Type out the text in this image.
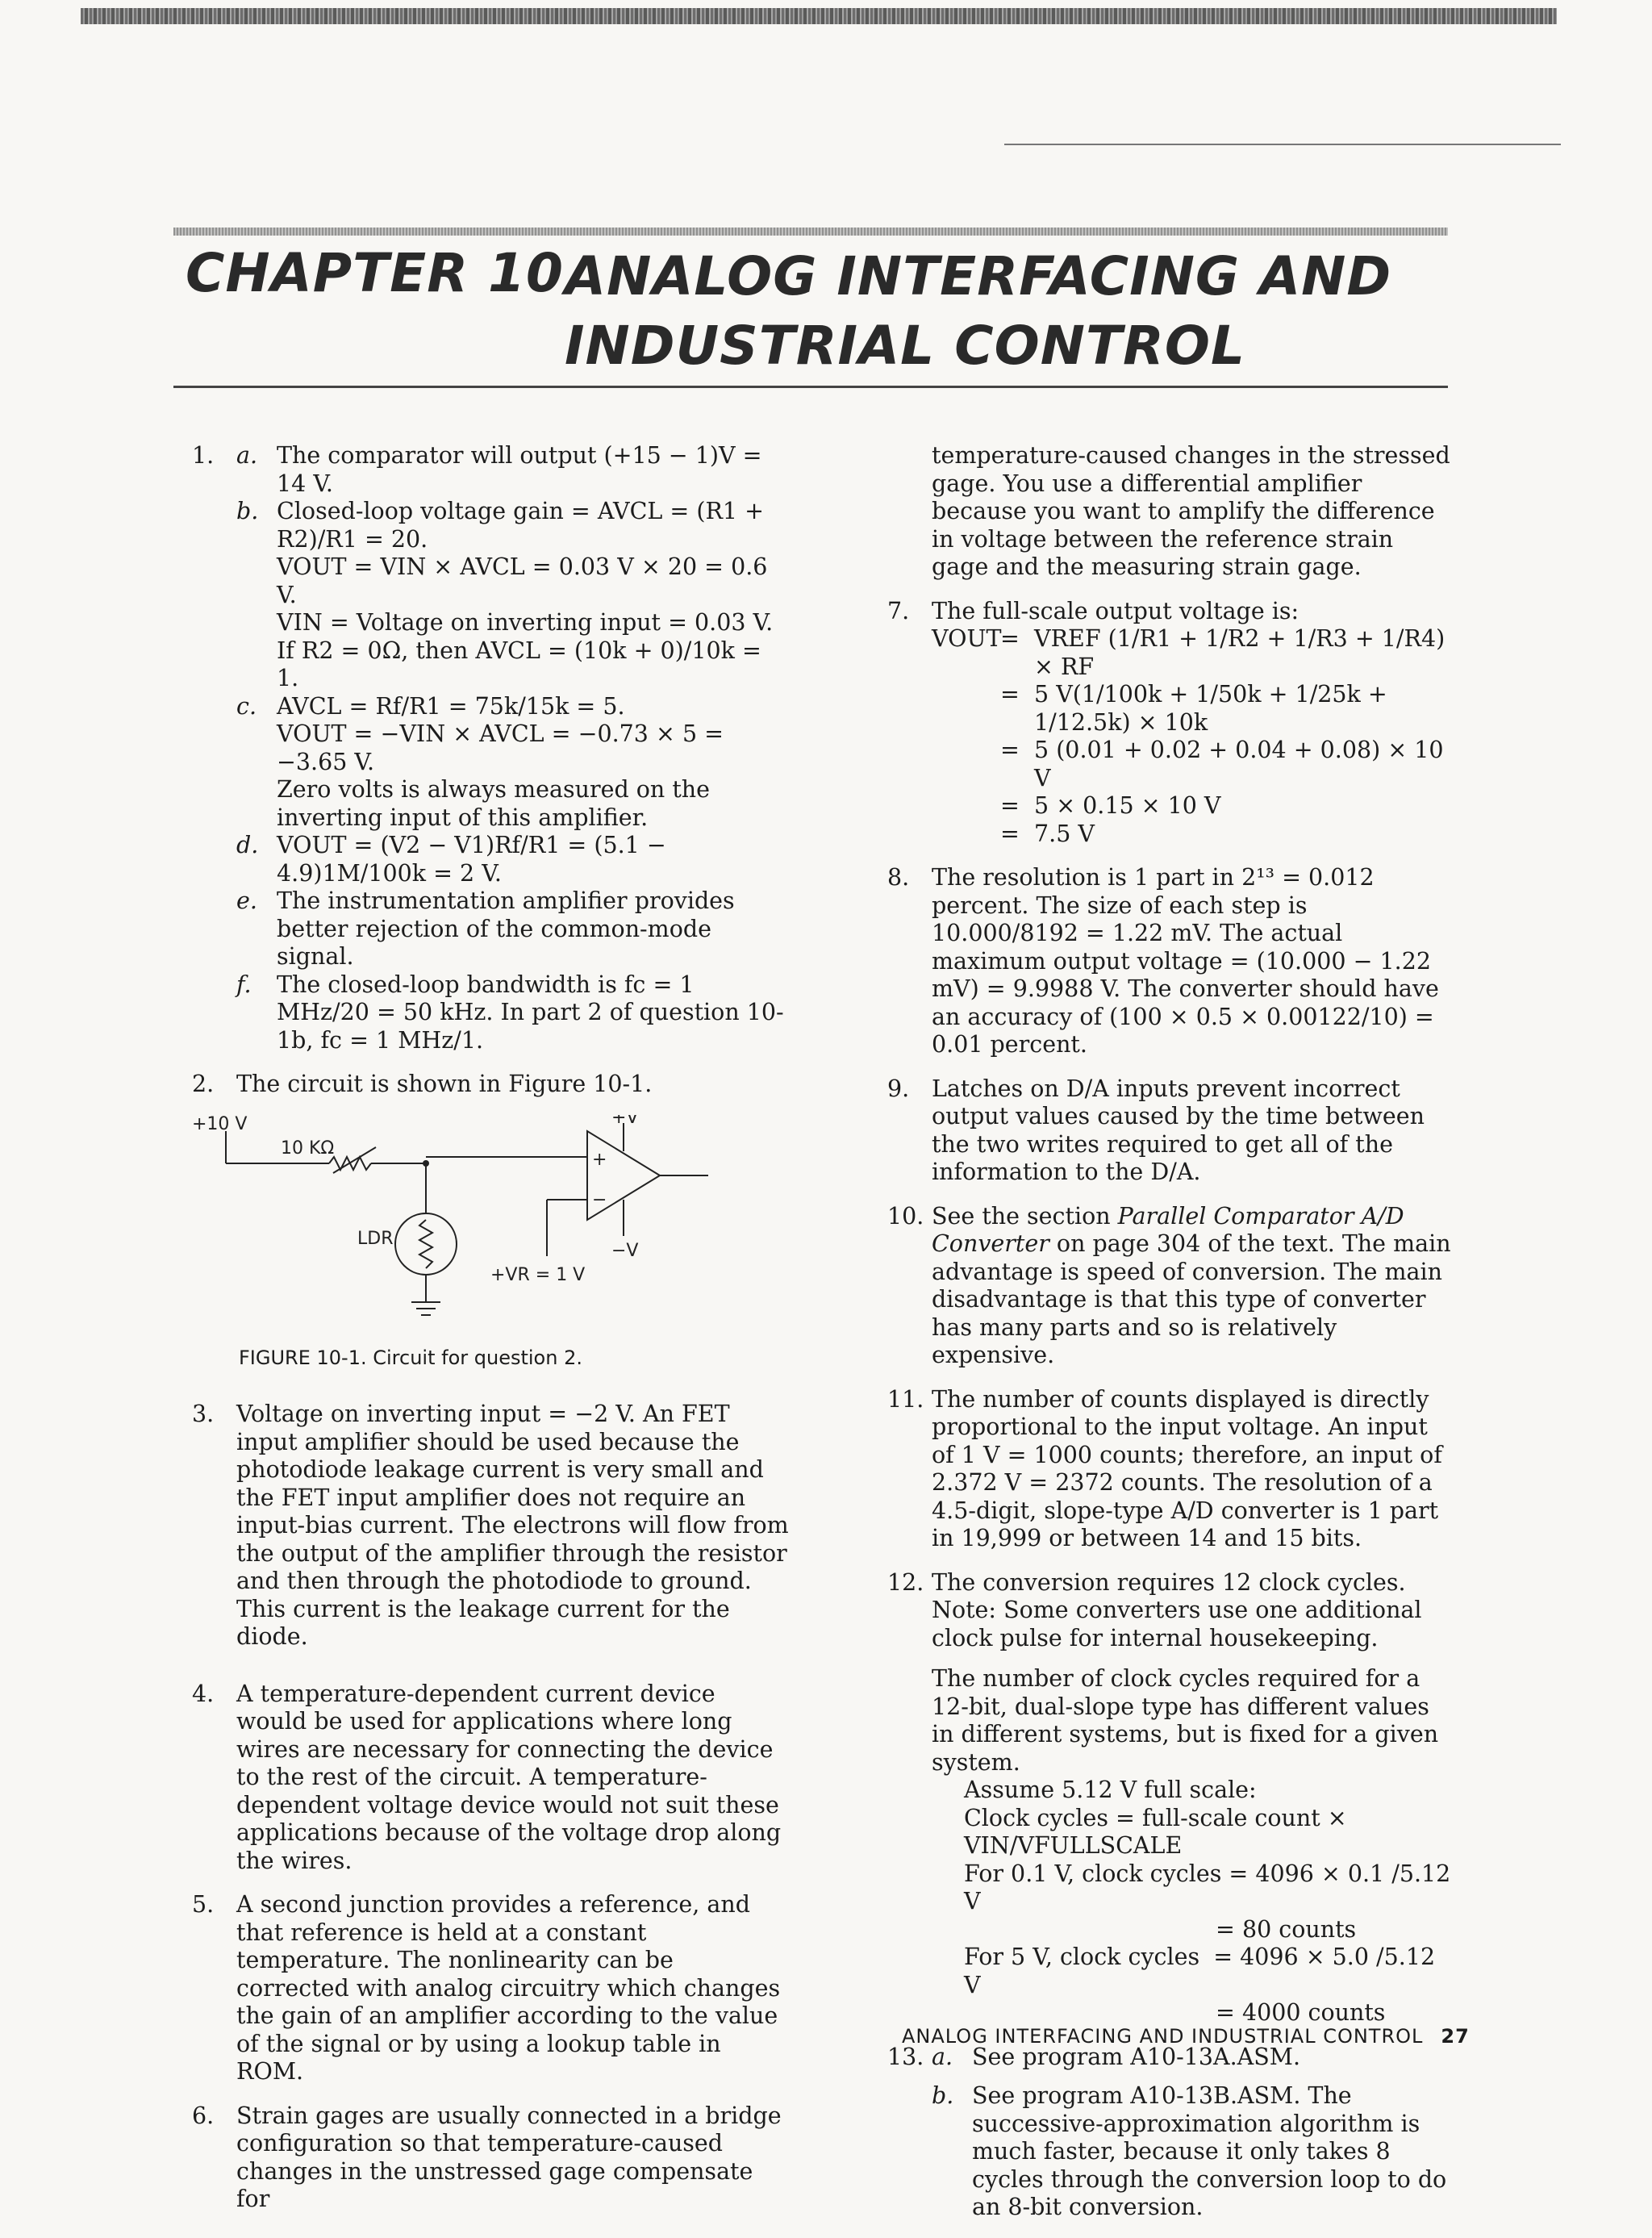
CHAPTER 10 ANALOG INTERFACING AND
INDUSTRIAL CONTROL
1. a. The comparator will output (+15 − 1)V = 14 V.

b. Closed-loop voltage gain = AVCL = (R1 + R2)/R1 = 20.

VOUT = VIN × AVCL = 0.03 V × 20 = 0.6 V.

VIN = Voltage on inverting input = 0.03 V.

If R2 = 0Ω, then AVCL = (10k + 0)/10k = 1.

c. AVCL = Rf/R1 = 75k/15k = 5.

VOUT = −VIN × AVCL = −0.73 × 5 = −3.65 V.

Zero volts is always measured on the inverting input of this amplifier.

d. VOUT = (V2 − V1)Rf/R1 = (5.1 − 4.9)1M/100k = 2 V.

e. The instrumentation amplifier provides better rejection of the common-mode signal.

f. The closed-loop bandwidth is fc = 1 MHz/20 = 50 kHz. In part 2 of question 10-1b, fc = 1 MHz/1.

2. The circuit is shown in Figure 10-1.

+10 V
10 KΩ
+V
−V
LDR
+VR = 1 V
+
−
FIGURE 10-1. Circuit for question 2.
3. Voltage on inverting input = −2 V. An FET input amplifier should be used because the photodiode leakage current is very small and the FET input amplifier does not require an input-bias current. The electrons will flow from the output of the amplifier through the resistor and then through the photodiode to ground. This current is the leakage current for the diode.

4. A temperature-dependent current device would be used for applications where long wires are necessary for connecting the device to the rest of the circuit. A temperature-dependent voltage device would not suit these applications because of the voltage drop along the wires.

5. A second junction provides a reference, and that reference is held at a constant temperature. The nonlinearity can be corrected with analog circuitry which changes the gain of an amplifier according to the value of the signal or by using a lookup table in ROM.

6. Strain gages are usually connected in a bridge configuration so that temperature-caused changes in the unstressed gage compensate for

temperature-caused changes in the stressed gage. You use a differential amplifier because you want to amplify the difference in voltage between the reference strain gage and the measuring strain gage.

7. The full-scale output voltage is:

VOUT
= VREF (1/R1 + 1/R2 + 1/R3 + 1/R4) × RF
= 5 V(1/100k + 1/50k + 1/25k + 1/12.5k) × 10k
= 5 (0.01 + 0.02 + 0.04 + 0.08) × 10 V
= 5 × 0.15 × 10 V
= 7.5 V
8. The resolution is 1 part in 2¹³ = 0.012 percent. The size of each step is 10.000/8192 = 1.22 mV. The actual maximum output voltage = (10.000 − 1.22 mV) = 9.9988 V. The converter should have an accuracy of (100 × 0.5 × 0.00122/10) = 0.01 percent.

9. Latches on D/A inputs prevent incorrect output values caused by the time between the two writes required to get all of the information to the D/A.

10. See the section Parallel Comparator A/D Converter on page 304 of the text. The main advantage is speed of conversion. The main disadvantage is that this type of converter has many parts and so is relatively expensive.

11. The number of counts displayed is directly proportional to the input voltage. An input of 1 V = 1000 counts; therefore, an input of 2.372 V = 2372 counts. The resolution of a 4.5-digit, slope-type A/D converter is 1 part in 19,999 or between 14 and 15 bits.

12. The conversion requires 12 clock cycles. Note: Some converters use one additional clock pulse for internal housekeeping.

The number of clock cycles required for a 12-bit, dual-slope type has different values in different systems, but is fixed for a given system.

Assume 5.12 V full scale:

Clock cycles = full-scale count × VIN/VFULLSCALE

For 0.1 V, clock cycles = 4096 × 0.1 /5.12 V

= 80 counts

For 5 V, clock cycles = 4096 × 5.0 /5.12 V

= 4000 counts

13. a. See program A10-13A.ASM.

b. See program A10-13B.ASM. The successive-approximation algorithm is much faster, because it only takes 8 cycles through the conversion loop to do an 8-bit conversion.

ANALOG INTERFACING AND INDUSTRIAL CONTROL 27
